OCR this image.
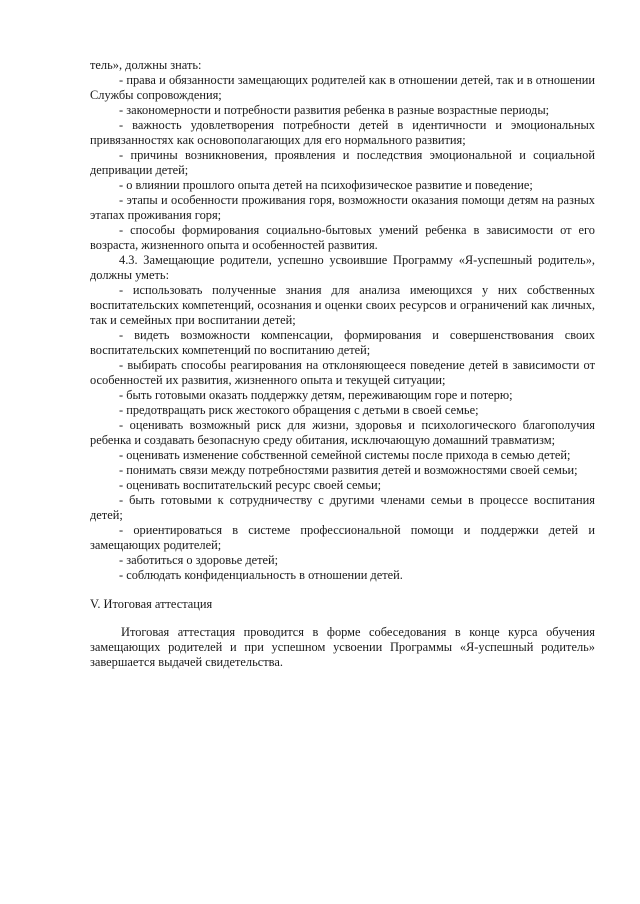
тель», должны знать:

- права и обязанности замещающих родителей как в отношении детей, так и в отношении Службы сопровождения;

- закономерности и потребности развития ребенка в разные возрастные периоды;

- важность удовлетворения потребности детей в идентичности и эмоциональных привязанностях как основополагающих для его нормального развития;

- причины возникновения, проявления и последствия эмоциональной и социальной депривации детей;

- о влиянии прошлого опыта детей на психофизическое развитие и поведение;

- этапы и особенности проживания горя, возможности оказания помощи детям на разных этапах проживания горя;

- способы формирования социально-бытовых умений ребенка в зависимости от его возраста, жизненного опыта и особенностей развития.

4.3. Замещающие родители, успешно усвоившие Программу «Я-успешный родитель», должны уметь:

- использовать полученные знания для анализа имеющихся у них собственных воспитательских компетенций, осознания и оценки своих ресурсов и ограничений как личных, так и семейных при воспитании детей;

- видеть возможности компенсации, формирования и совершенствования своих воспитательских компетенций по воспитанию детей;

- выбирать способы реагирования на отклоняющееся поведение детей в зависимости от особенностей их развития, жизненного опыта и текущей ситуации;

- быть готовыми оказать поддержку детям, переживающим горе и потерю;

- предотвращать риск жестокого обращения с детьми в своей семье;

- оценивать возможный риск для жизни, здоровья и психологического благополучия ребенка и создавать безопасную среду обитания, исключающую домашний травматизм;

- оценивать изменение собственной семейной системы после прихода в семью детей;

- понимать связи между потребностями развития детей и возможностями своей семьи;

- оценивать воспитательский ресурс своей семьи;

- быть готовыми к сотрудничеству с другими членами семьи в процессе воспитания детей;

- ориентироваться в системе профессиональной помощи и поддержки детей и замещающих родителей;

- заботиться о здоровье детей;

- соблюдать конфиденциальность в отношении детей.

V. Итоговая аттестация

Итоговая аттестация проводится в форме собеседования в конце курса обучения замещающих родителей и при успешном усвоении Программы «Я-успешный родитель» завершается выдачей свидетельства.
